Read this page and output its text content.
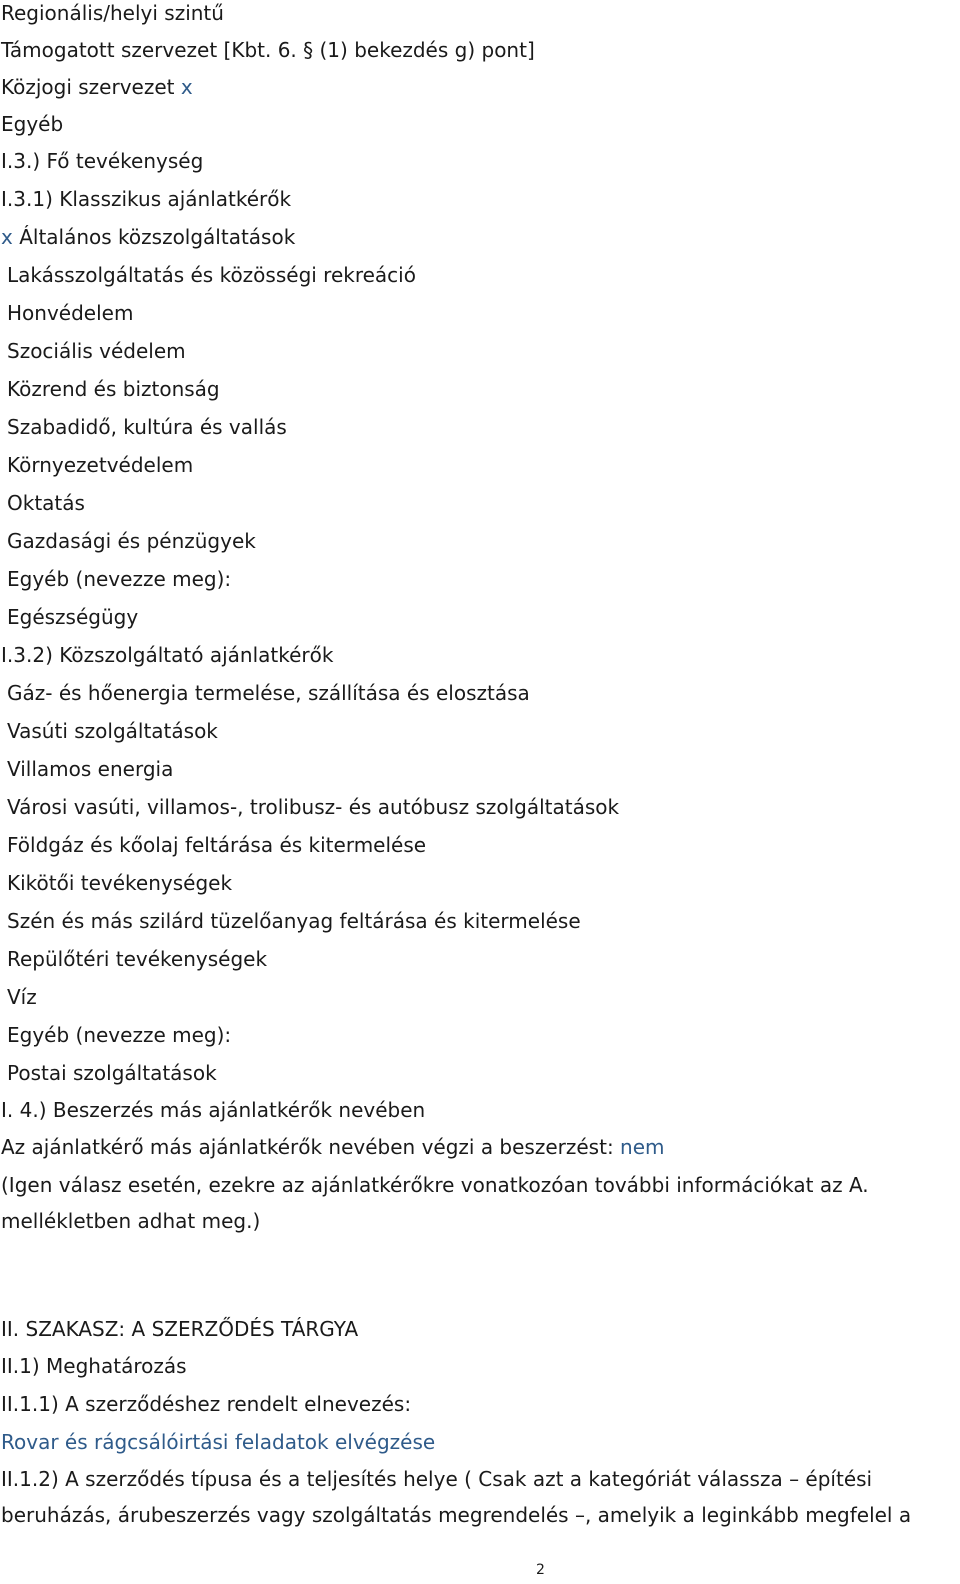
Regionális/helyi szintű
Támogatott szervezet [Kbt. 6. § (1) bekezdés g) pont]
Közjogi szervezet x
Egyéb
I.3.) Fő tevékenység
I.3.1) Klasszikus ajánlatkérők
x Általános közszolgáltatások
Lakásszolgáltatás és közösségi rekreáció
Honvédelem
Szociális védelem
Közrend és biztonság
Szabadidő, kultúra és vallás
Környezetvédelem
Oktatás
Gazdasági és pénzügyek
Egyéb (nevezze meg):
Egészségügy
I.3.2) Közszolgáltató ajánlatkérők
Gáz- és hőenergia termelése, szállítása és elosztása
Vasúti szolgáltatások
Villamos energia
Városi vasúti, villamos-, trolibusz- és autóbusz szolgáltatások
Földgáz és kőolaj feltárása és kitermelése
Kikötői tevékenységek
Szén és más szilárd tüzelőanyag feltárása és kitermelése
Repülőtéri tevékenységek
Víz
Egyéb (nevezze meg):
Postai szolgáltatások
I. 4.) Beszerzés más ajánlatkérők nevében
Az ajánlatkérő más ajánlatkérők nevében végzi a beszerzést: nem
(Igen válasz esetén, ezekre az ajánlatkérőkre vonatkozóan további információkat az A.
mellékletben adhat meg.)
II. SZAKASZ: A SZERZŐDÉS TÁRGYA
II.1) Meghatározás
II.1.1) A szerződéshez rendelt elnevezés:
Rovar és rágcsálóirtási feladatok elvégzése
II.1.2) A szerződés típusa és a teljesítés helye ( Csak azt a kategóriát válassza – építési
beruházás, árubeszerzés vagy szolgáltatás megrendelés –, amelyik a leginkább megfelel a
2
